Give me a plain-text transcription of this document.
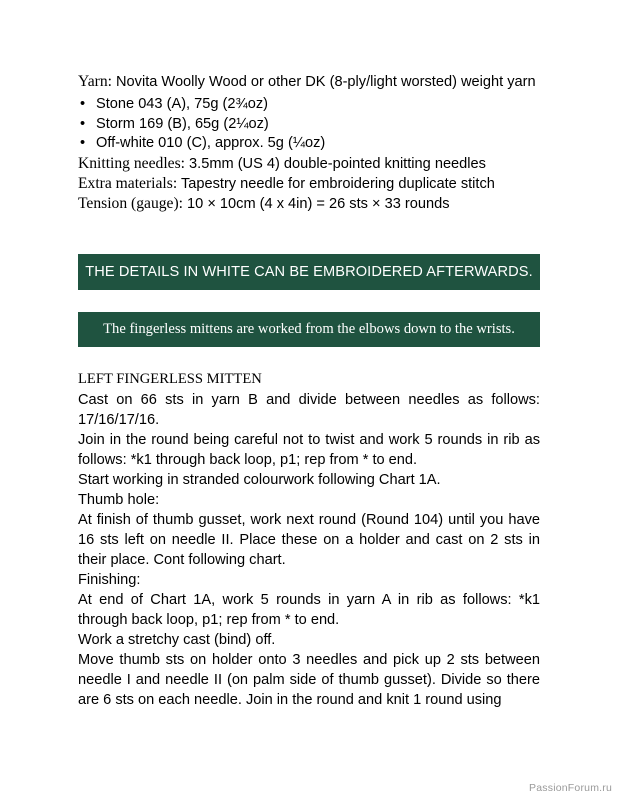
Yarn: Novita Woolly Wood or other DK (8-ply/light worsted) weight yarn
• Stone 043 (A), 75g (2¾oz)
• Storm 169 (B), 65g (2¼oz)
• Off-white 010 (C), approx. 5g (¼oz)
Knitting needles: 3.5mm (US 4) double-pointed knitting needles
Extra materials: Tapestry needle for embroidering duplicate stitch
Tension (gauge): 10 × 10cm (4 x 4in) = 26 sts × 33 rounds
THE DETAILS IN WHITE CAN BE EMBROIDERED AFTERWARDS.
The fingerless mittens are worked from the elbows down to the wrists.
LEFT FINGERLESS MITTEN
Cast on 66 sts in yarn B and divide between needles as follows: 17/16/17/16.
Join in the round being careful not to twist and work 5 rounds in rib as follows: *k1 through back loop, p1; rep from * to end.
Start working in stranded colourwork following Chart 1A.
Thumb hole:
At finish of thumb gusset, work next round (Round 104) until you have 16 sts left on needle II. Place these on a holder and cast on 2 sts in their place. Cont following chart.
Finishing:
At end of Chart 1A, work 5 rounds in yarn A in rib as follows: *k1 through back loop, p1; rep from * to end.
Work a stretchy cast (bind) off.
Move thumb sts on holder onto 3 needles and pick up 2 sts between needle I and needle II (on palm side of thumb gusset). Divide so there are 6 sts on each needle. Join in the round and knit 1 round using
PassionForum.ru
